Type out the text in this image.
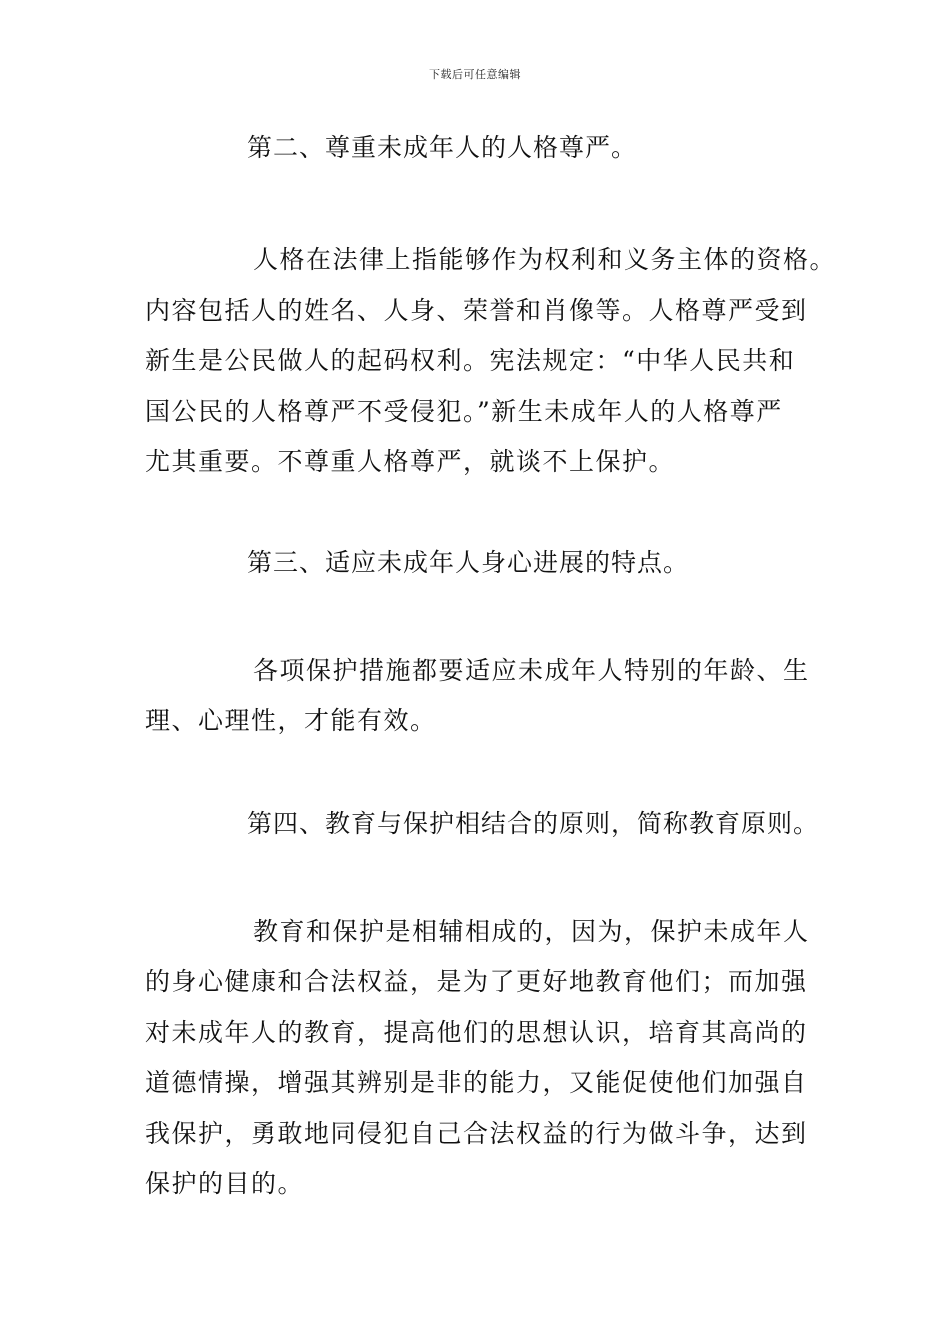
下载后可任意编辑

第二、尊重未成年人的人格尊严。

人格在法律上指能够作为权利和义务主体的资格。

内容包括人的姓名、人身、荣誉和肖像等。人格尊严受到

新生是公民做人的起码权利。宪法规定：“中华人民共和

国公民的人格尊严不受侵犯。”新生未成年人的人格尊严

尤其重要。不尊重人格尊严，就谈不上保护。

第三、适应未成年人身心进展的特点。

各项保护措施都要适应未成年人特别的年龄、生

理、心理性，才能有效。

第四、教育与保护相结合的原则，简称教育原则。

教育和保护是相辅相成的，因为，保护未成年人

的身心健康和合法权益，是为了更好地教育他们；而加强

对未成年人的教育，提高他们的思想认识，培育其高尚的

道德情操，增强其辨别是非的能力，又能促使他们加强自

我保护，勇敢地同侵犯自己合法权益的行为做斗争，达到

保护的目的。
